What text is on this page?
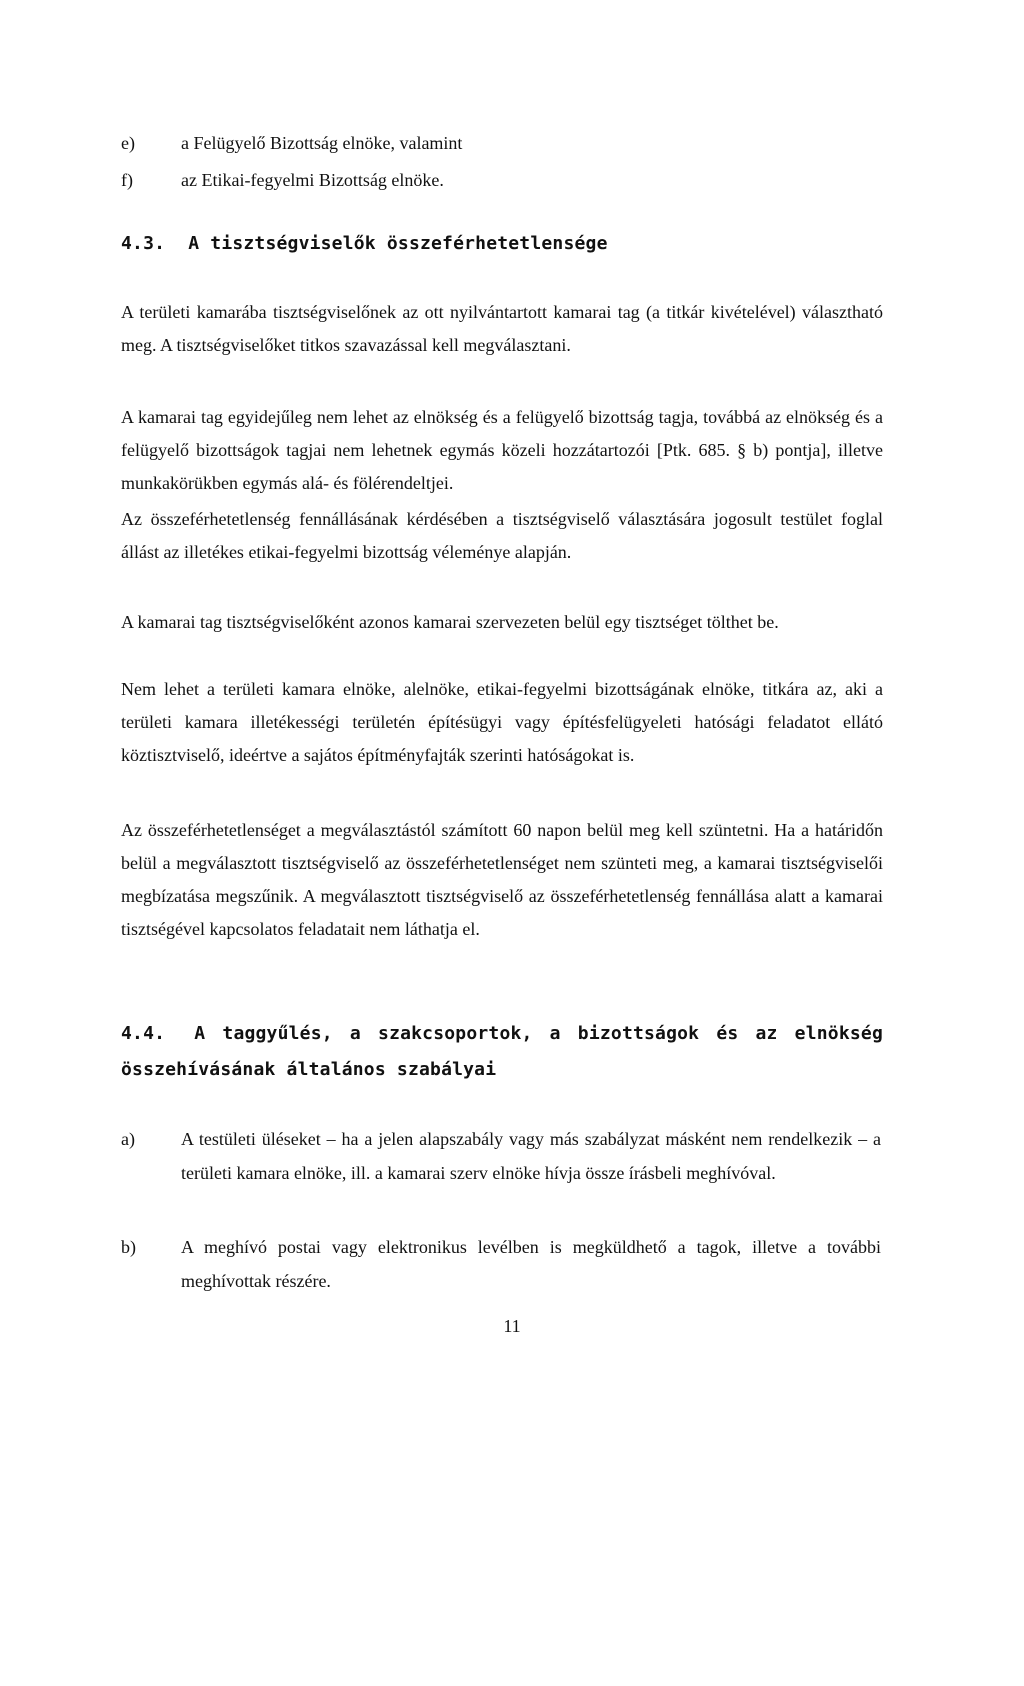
e)	a Felügyelő Bizottság elnöke, valamint
f)	az Etikai-fegyelmi Bizottság elnöke.
4.3. A tisztségviselők összeférhetetlensége
A területi kamarába tisztségviselőnek az ott nyilvántartott kamarai tag (a titkár kivételével) választható meg. A tisztségviselőket titkos szavazással kell megválasztani.
A kamarai tag egyidejűleg nem lehet az elnökség és a felügyelő bizottság tagja, továbbá az elnökség és a felügyelő bizottságok tagjai nem lehetnek egymás közeli hozzátartozói [Ptk. 685. § b) pontja], illetve munkakörükben egymás alá- és fölérendeltjei.
Az összeférhetetlenség fennállásának kérdésében a tisztségviselő választására jogosult testület foglal állást az illetékes etikai-fegyelmi bizottság véleménye alapján.
A kamarai tag tisztségviselőként azonos kamarai szervezeten belül egy tisztséget tölthet be.
Nem lehet a területi kamara elnöke, alelnöke, etikai-fegyelmi bizottságának elnöke, titkára az, aki a területi kamara illetékességi területén építésügyi vagy építésfelügyeleti hatósági feladatot ellátó köztisztviselő, ideértve a sajátos építményfajták szerinti hatóságokat is.
Az összeférhetetlenséget a megválasztástól számított 60 napon belül meg kell szüntetni. Ha a határidőn belül a megválasztott tisztségviselő az összeférhetetlenséget nem szünteti meg, a kamarai tisztségviselői megbízatása megszűnik. A megválasztott tisztségviselő az összeférhetetlenség fennállása alatt a kamarai tisztségével kapcsolatos feladatait nem láthatja el.
4.4. A taggyűlés, a szakcsoportok, a bizottságok és az elnökség összehívásának általános szabályai
a)	A testületi üléseket – ha a jelen alapszabály vagy más szabályzat másként nem rendelkezik – a területi kamara elnöke, ill. a kamarai szerv elnöke hívja össze írásbeli meghívóval.
b)	A meghívó postai vagy elektronikus levélben is megküldhető a tagok, illetve a további meghívottak részére.
11
